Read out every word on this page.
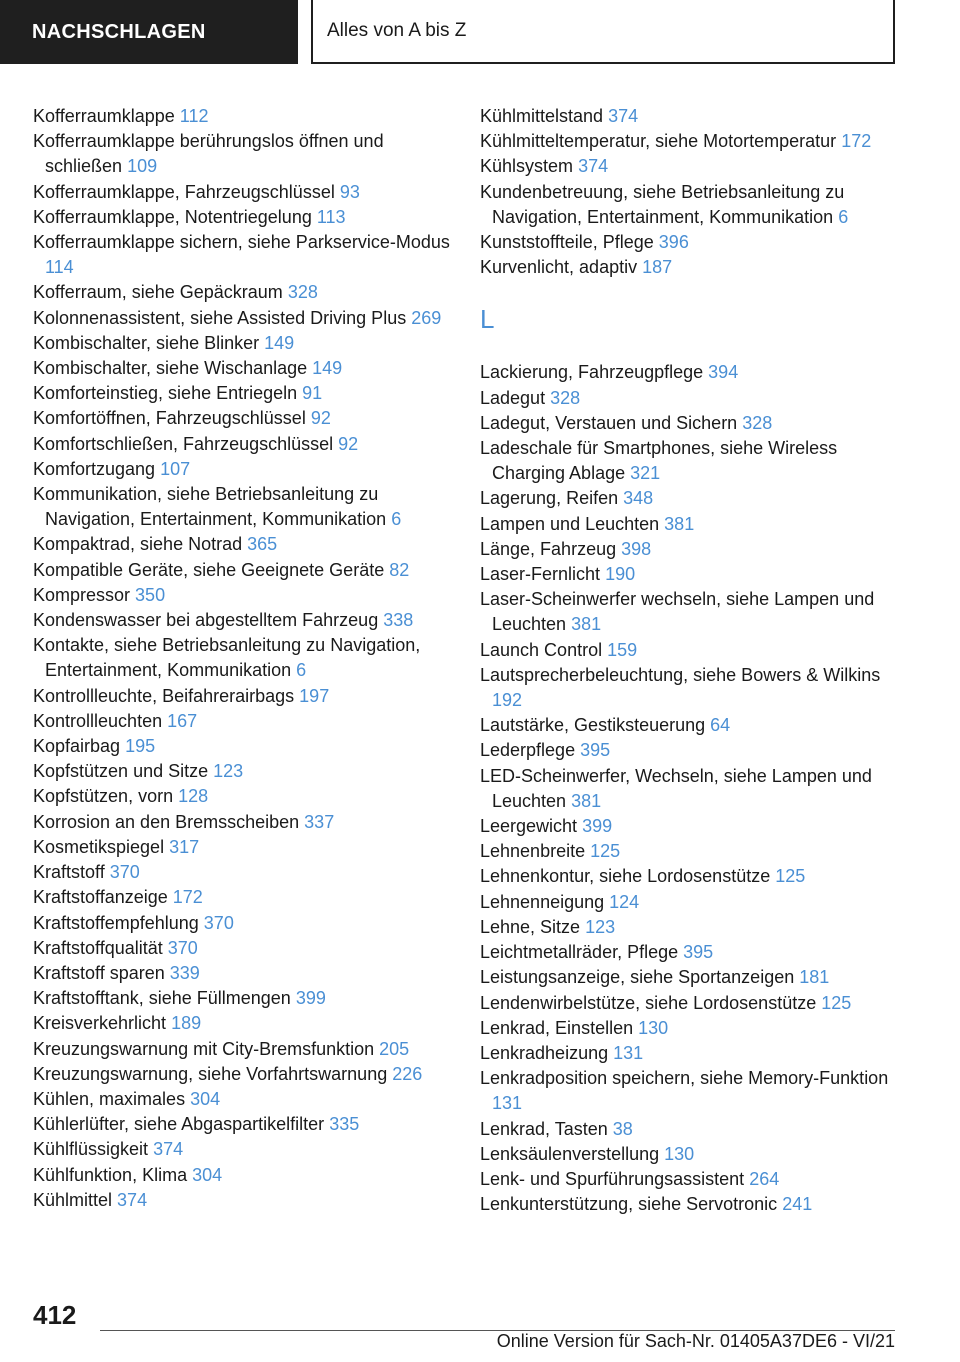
NACHSCHLAGEN	Alles von A bis Z
Kofferraumklappe 112
Kofferraumklappe berührungslos öffnen und schließen 109
Kofferraumklappe, Fahrzeugschlüssel 93
Kofferraumklappe, Notentriegelung 113
Kofferraumklappe sichern, siehe Parkservice-Modus 114
Kofferraum, siehe Gepäckraum 328
Kolonnenassistent, siehe Assisted Driving Plus 269
Kombischalter, siehe Blinker 149
Kombischalter, siehe Wischanlage 149
Komforteinstieg, siehe Entriegeln 91
Komfortöffnen, Fahrzeugschlüssel 92
Komfortschließen, Fahrzeugschlüssel 92
Komfortzugang 107
Kommunikation, siehe Betriebsanleitung zu Navigation, Entertainment, Kommunikation 6
Kompaktrad, siehe Notrad 365
Kompatible Geräte, siehe Geeignete Geräte 82
Kompressor 350
Kondenswasser bei abgestelltem Fahrzeug 338
Kontakte, siehe Betriebsanleitung zu Navigation, Entertainment, Kommunikation 6
Kontrollleuchte, Beifahrerairbags 197
Kontrollleuchten 167
Kopfairbag 195
Kopfstützen und Sitze 123
Kopfstützen, vorn 128
Korrosion an den Bremsscheiben 337
Kosmetikspiegel 317
Kraftstoff 370
Kraftstoffanzeige 172
Kraftstoffempfehlung 370
Kraftstoffqualität 370
Kraftstoff sparen 339
Kraftstofftank, siehe Füllmengen 399
Kreisverkehrlicht 189
Kreuzungswarnung mit City-Bremsfunktion 205
Kreuzungswarnung, siehe Vorfahrtswarnung 226
Kühlen, maximales 304
Kühlerlüfter, siehe Abgaspartikelfilter 335
Kühlflüssigkeit 374
Kühlfunktion, Klima 304
Kühlmittel 374
Kühlmittelstand 374
Kühlmitteltemperatur, siehe Motortemperatur 172
Kühlsystem 374
Kundenbetreuung, siehe Betriebsanleitung zu Navigation, Entertainment, Kommunikation 6
Kunststoffteile, Pflege 396
Kurvenlicht, adaptiv 187
L
Lackierung, Fahrzeugpflege 394
Ladegut 328
Ladegut, Verstauen und Sichern 328
Ladeschale für Smartphones, siehe Wireless Charging Ablage 321
Lagerung, Reifen 348
Lampen und Leuchten 381
Länge, Fahrzeug 398
Laser-Fernlicht 190
Laser-Scheinwerfer wechseln, siehe Lampen und Leuchten 381
Launch Control 159
Lautsprecherbeleuchtung, siehe Bowers & Wilkins 192
Lautstärke, Gestiksteuerung 64
Lederpflege 395
LED-Scheinwerfer, Wechseln, siehe Lampen und Leuchten 381
Leergewicht 399
Lehnenbreite 125
Lehnenkontur, siehe Lordosenstütze 125
Lehnenneigung 124
Lehne, Sitze 123
Leichtmetallräder, Pflege 395
Leistungsanzeige, siehe Sportanzeigen 181
Lendenwirbelstütze, siehe Lordosenstütze 125
Lenkrad, Einstellen 130
Lenkradheizung 131
Lenkradposition speichern, siehe Memory-Funktion 131
Lenkrad, Tasten 38
Lenksäulenverstellung 130
Lenk- und Spurführungsassistent 264
Lenkunterstützung, siehe Servotronic 241
412
Online Version für Sach-Nr. 01405A37DE6 - VI/21
